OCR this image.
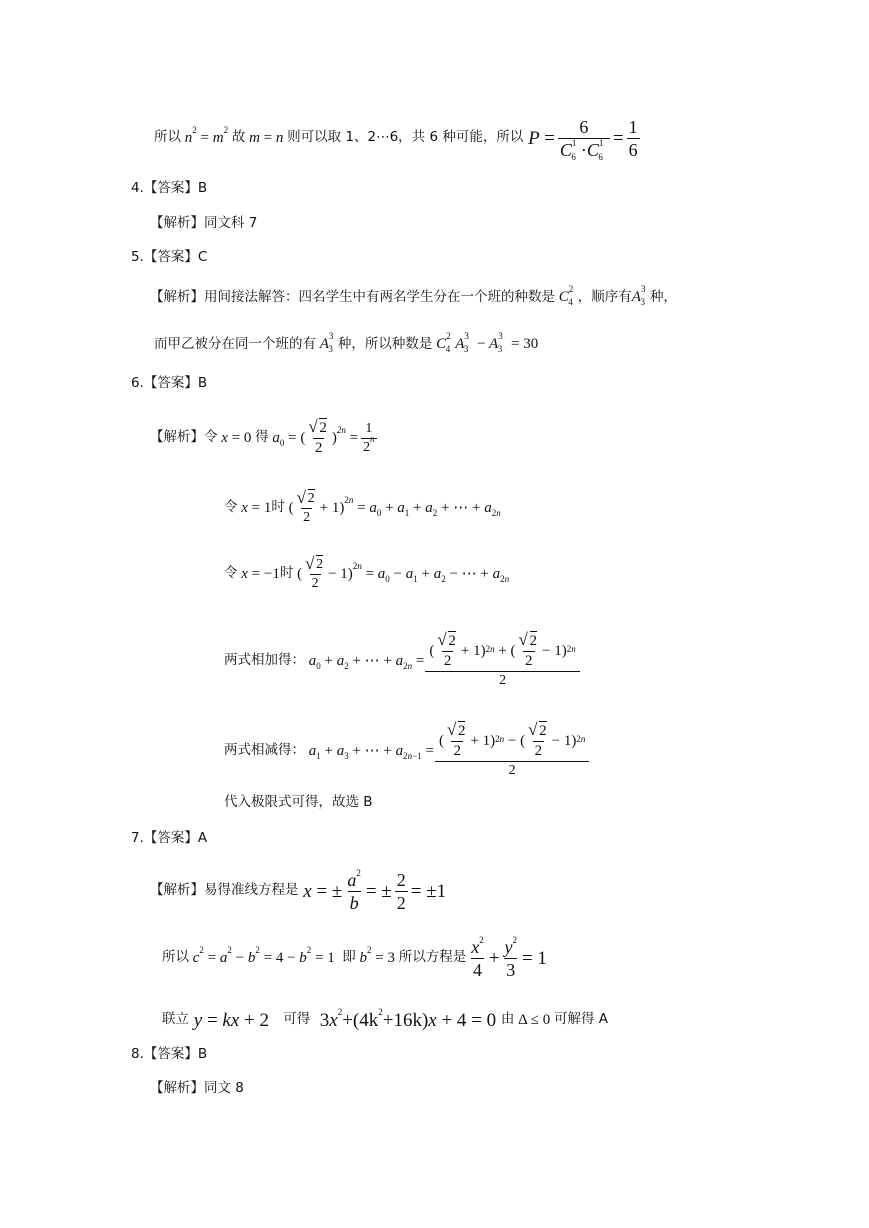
所以 $n^2 = m^2$ 故 m = n 则可以取 1、2⋯6，共 6 种可能，所以 $P = \frac{6}{C^1_6 \cdot C^1_6} = \frac{1}{6}$
4.【答案】B
【解析】同文科 7
5.【答案】C
【解析】用间接法解答：四名学生中有两名学生分在一个班的种数是 $C^2_4$ ，顺序有 $A^3_3$ 种，
而甲乙被分在同一个班的有 $A^3_3$ 种，所以种数是 $C^2_4$ $A^3_3 - A^3_3 = 30$
6.【答案】B
【解析】令 x = 0 得 $a_0$ = (
√ $\frac{2}{2} )^{2n} = \frac{1}{2^n}$
令 x = 1 时 (
√ $\frac{2}{2} + 1)^{2n} = a_0 + a_1 + a_2$ + ⋯ + $a_{2n}$
令 x = −1 时 (
√ $\frac{2}{2} - 1)^{2n} = a_0 - a_1 + a_2$ − ⋯ + $a_{2n}$
两式相加得： $a_0 + a_2$ + ⋯ + $a_{2n}$ = (
√ $\frac{2}{2} + 1)^{2n}$ + (
√ $\frac{2}{2} - 1)^{2n}$
2
两式相减得： $a_1 + a_3$ + ⋯ + $a_{2n-1}$ = (
√ $\frac{2}{2} + 1)^{2n}$ − (
√ $\frac{2}{2} - 1)^{2n}$
2
代入极限式可得，故选 B
7.【答案】A
【解析】易得准线方程是 x = ± $\frac{a^2}{b}$ = ± $\frac{2}{2} = \pm 1$
所以 $c^2 = a^2 - b^2 = 4 - b^2 = 1$ 即 $b^2 = 3$ 所以方程是 $\frac{x^2}{4} + \frac{y^2}{3} = 1$
联立 y = kx + 2	可得 $3x^2+(4k^2+16k)x + 4 = 0$ 由 Δ ≤ 0 可解得 A
8.【答案】B
【解析】同文 8
